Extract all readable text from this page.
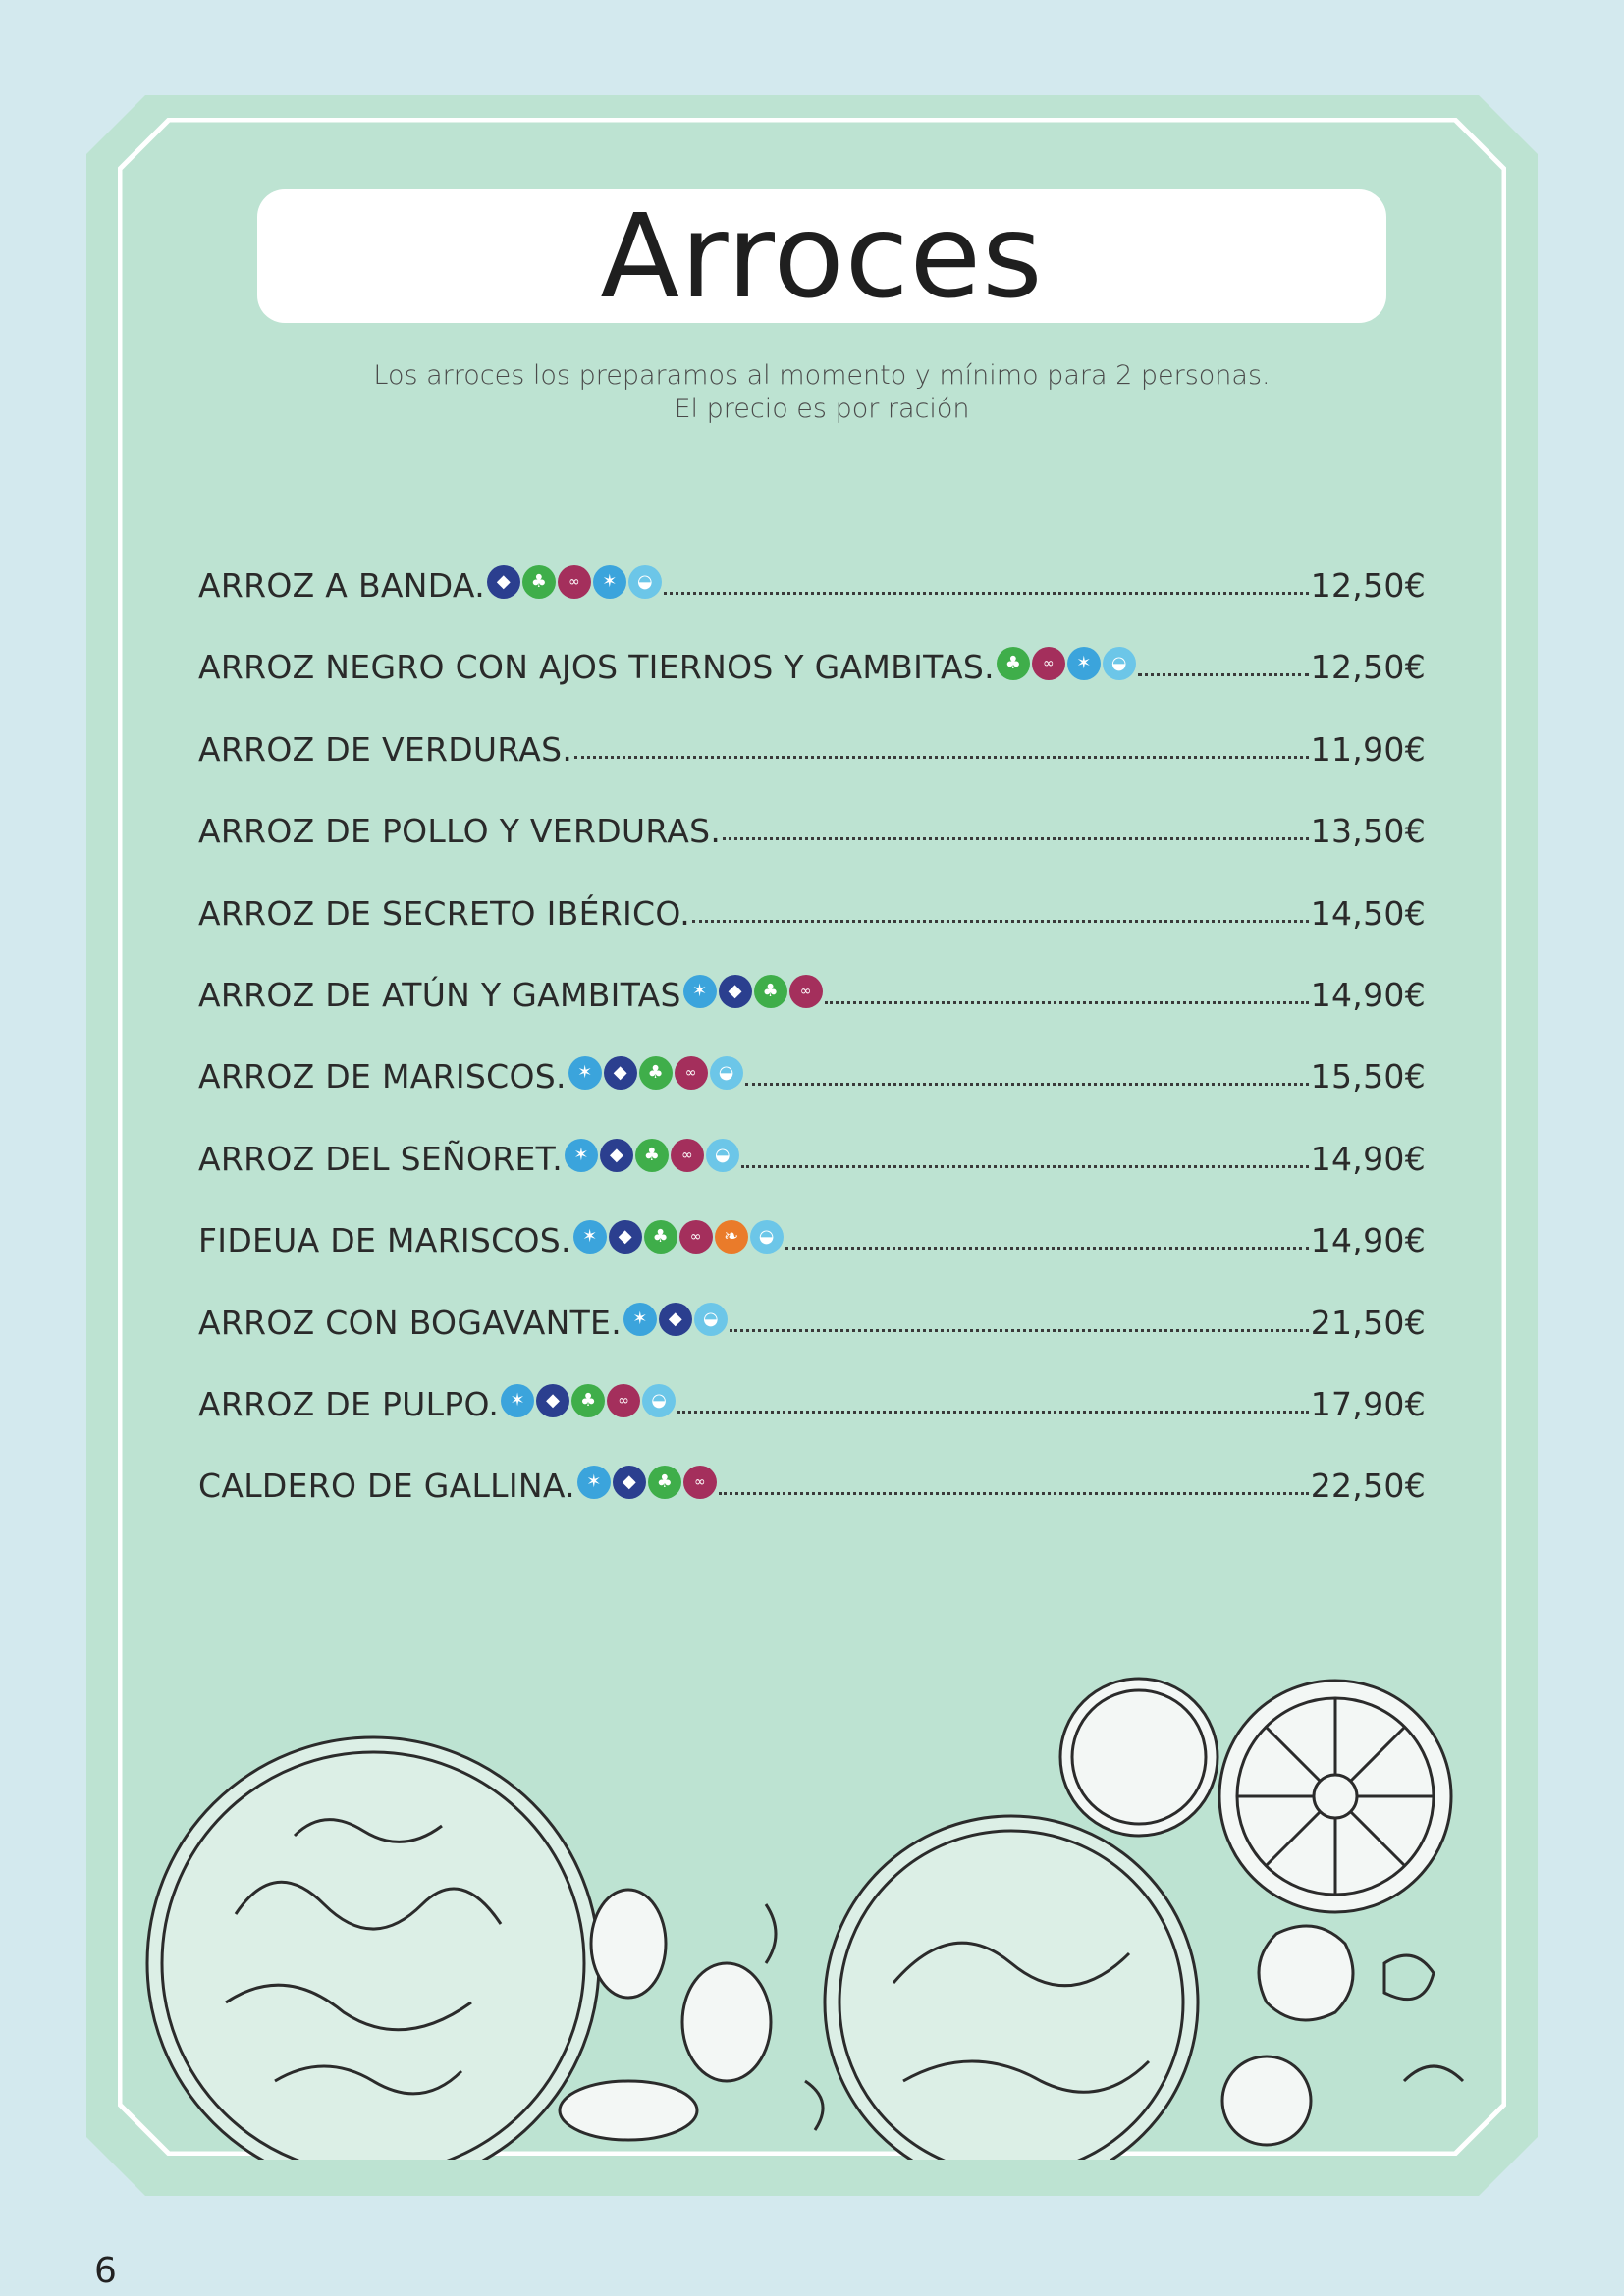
Arroces
Los arroces los preparamos al momento y mínimo para 2 personas.
El precio es por ración
ARROZ A BANDA. ◆	♣	∞	✶	◒	12,50€
ARROZ NEGRO CON AJOS TIERNOS Y GAMBITAS. ♣	∞	✶	◒	12,50€
ARROZ DE VERDURAS.	11,90€
ARROZ DE POLLO Y VERDURAS.	13,50€
ARROZ DE SECRETO IBÉRICO.	14,50€
ARROZ DE ATÚN Y GAMBITAS ✶	◆	♣	∞	14,90€
ARROZ DE MARISCOS. ✶	◆	♣	∞	◒	15,50€
ARROZ DEL SEÑORET. ✶	◆	♣	∞	◒	14,90€
FIDEUA DE MARISCOS. ✶	◆	♣	∞	❧	◒	14,90€
ARROZ CON BOGAVANTE. ✶	◆	◒	21,50€
ARROZ DE PULPO. ✶	◆	♣	∞	◒	17,90€
CALDERO DE GALLINA. ✶	◆	♣	∞	22,50€
6
